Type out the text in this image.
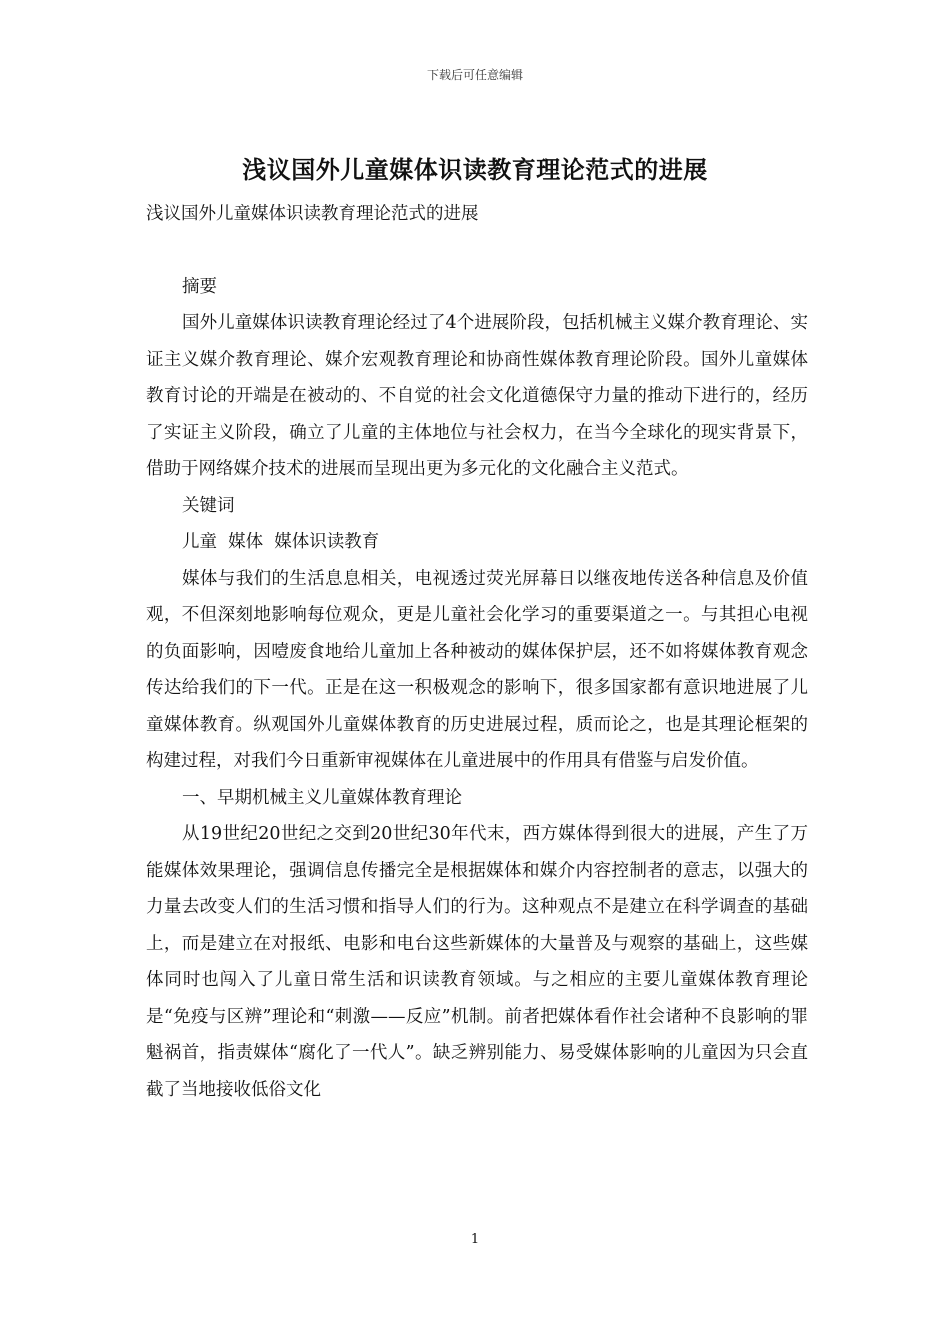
下载后可任意编辑
浅议国外儿童媒体识读教育理论范式的进展

浅议国外儿童媒体识读教育理论范式的进展

摘要

国外儿童媒体识读教育理论经过了4个进展阶段，包括机械主义媒介教育理论、实证主义媒介教育理论、媒介宏观教育理论和协商性媒体教育理论阶段。国外儿童媒体教育讨论的开端是在被动的、不自觉的社会文化道德保守力量的推动下进行的，经历了实证主义阶段，确立了儿童的主体地位与社会权力，在当今全球化的现实背景下，借助于网络媒介技术的进展而呈现出更为多元化的文化融合主义范式。

关键词

儿童  媒体  媒体识读教育

媒体与我们的生活息息相关，电视透过荧光屏幕日以继夜地传送各种信息及价值观，不但深刻地影响每位观众，更是儿童社会化学习的重要渠道之一。与其担心电视的负面影响，因噎废食地给儿童加上各种被动的媒体保护层，还不如将媒体教育观念传达给我们的下一代。正是在这一积极观念的影响下，很多国家都有意识地进展了儿童媒体教育。纵观国外儿童媒体教育的历史进展过程，质而论之，也是其理论框架的构建过程，对我们今日重新审视媒体在儿童进展中的作用具有借鉴与启发价值。

一、早期机械主义儿童媒体教育理论

从19世纪20世纪之交到20世纪30年代末，西方媒体得到很大的进展，产生了万能媒体效果理论，强调信息传播完全是根据媒体和媒介内容控制者的意志，以强大的力量去改变人们的生活习惯和指导人们的行为。这种观点不是建立在科学调查的基础上，而是建立在对报纸、电影和电台这些新媒体的大量普及与观察的基础上，这些媒体同时也闯入了儿童日常生活和识读教育领域。与之相应的主要儿童媒体教育理论是“免疫与区辨”理论和“刺激——反应”机制。前者把媒体看作社会诸种不良影响的罪魁祸首，指责媒体“腐化了一代人”。缺乏辨别能力、易受媒体影响的儿童因为只会直截了当地接收低俗文化

1
